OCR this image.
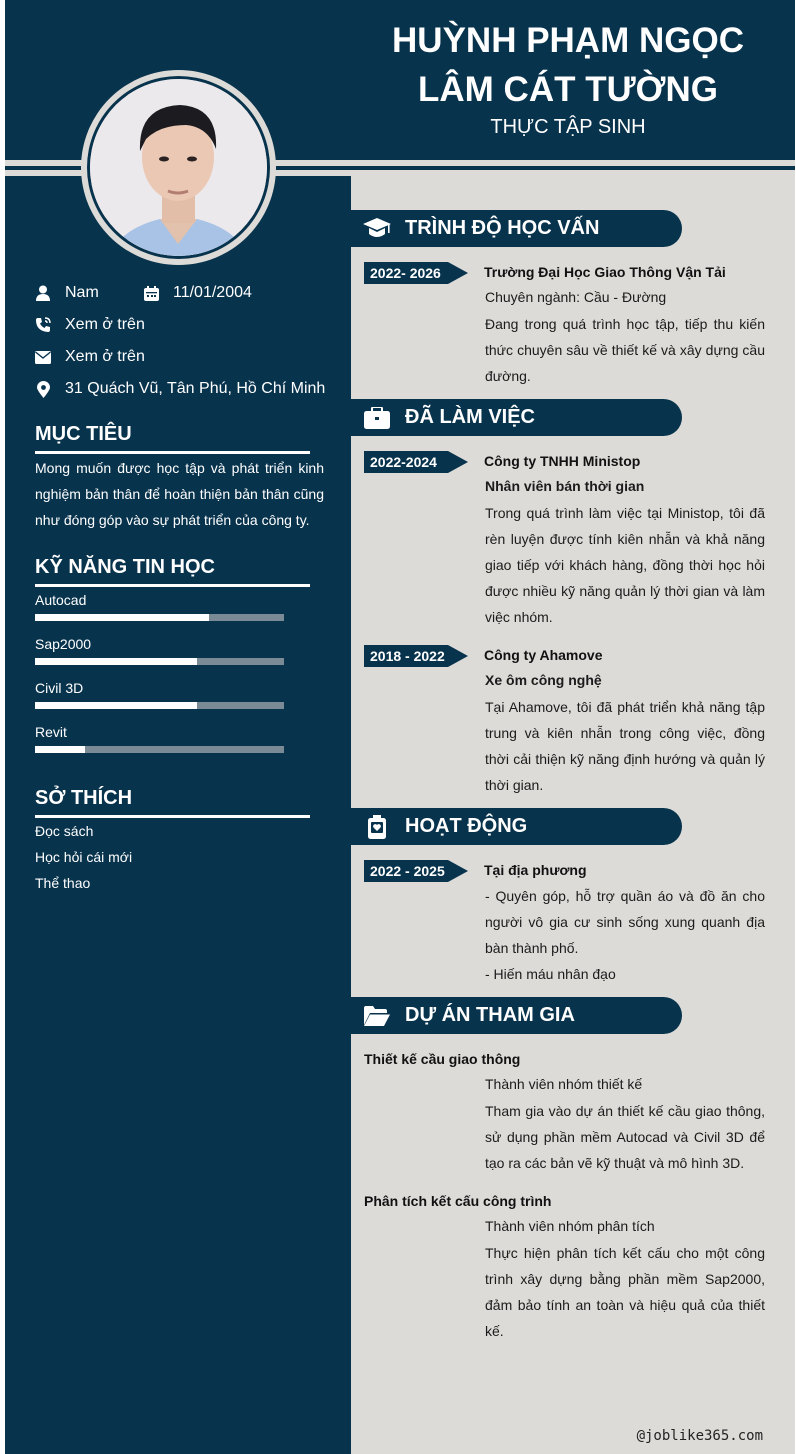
HUỲNH PHẠM NGỌC
LÂM CÁT TƯỜNG
THỰC TẬP SINH
Nam	11/01/2004
Xem ở trên
Xem ở trên
31 Quách Vũ, Tân Phú, Hồ Chí Minh
MỤC TIÊU
Mong muốn được học tập và phát triển kinh nghiệm bản thân để hoàn thiện bản thân cũng như đóng góp vào sự phát triển của công ty.
KỸ NĂNG TIN HỌC
SỞ THÍCH
Đọc sách
Học hỏi cái mới
Thể thao
TRÌNH ĐỘ HỌC VẤN
2022- 2026	Trường Đại Học Giao Thông Vận Tải
Chuyên ngành: Cầu - Đường
Đang trong quá trình học tập, tiếp thu kiến thức chuyên sâu về thiết kế và xây dựng cầu đường.
ĐÃ LÀM VIỆC
2022-2024	Công ty TNHH Ministop
Nhân viên bán thời gian
Trong quá trình làm việc tại Ministop, tôi đã rèn luyện được tính kiên nhẫn và khả năng giao tiếp với khách hàng, đồng thời học hỏi được nhiều kỹ năng quản lý thời gian và làm việc nhóm.
2018 - 2022	Công ty Ahamove
Xe ôm công nghệ
Tại Ahamove, tôi đã phát triển khả năng tập trung và kiên nhẫn trong công việc, đồng thời cải thiện kỹ năng định hướng và quản lý thời gian.
HOẠT ĐỘNG
2022 - 2025	Tại địa phương
- Quyên góp, hỗ trợ quần áo và đồ ăn cho người vô gia cư sinh sống xung quanh địa bàn thành phố.
- Hiến máu nhân đạo
DỰ ÁN THAM GIA
Thiết kế cầu giao thông
Thành viên nhóm thiết kế
Tham gia vào dự án thiết kế cầu giao thông, sử dụng phần mềm Autocad và Civil 3D để tạo ra các bản vẽ kỹ thuật và mô hình 3D.
Phân tích kết cấu công trình
Thành viên nhóm phân tích
Thực hiện phân tích kết cấu cho một công trình xây dựng bằng phần mềm Sap2000, đảm bảo tính an toàn và hiệu quả của thiết kế.
@joblike365.com
Autocad
Sap2000
Civil 3D
Revit
